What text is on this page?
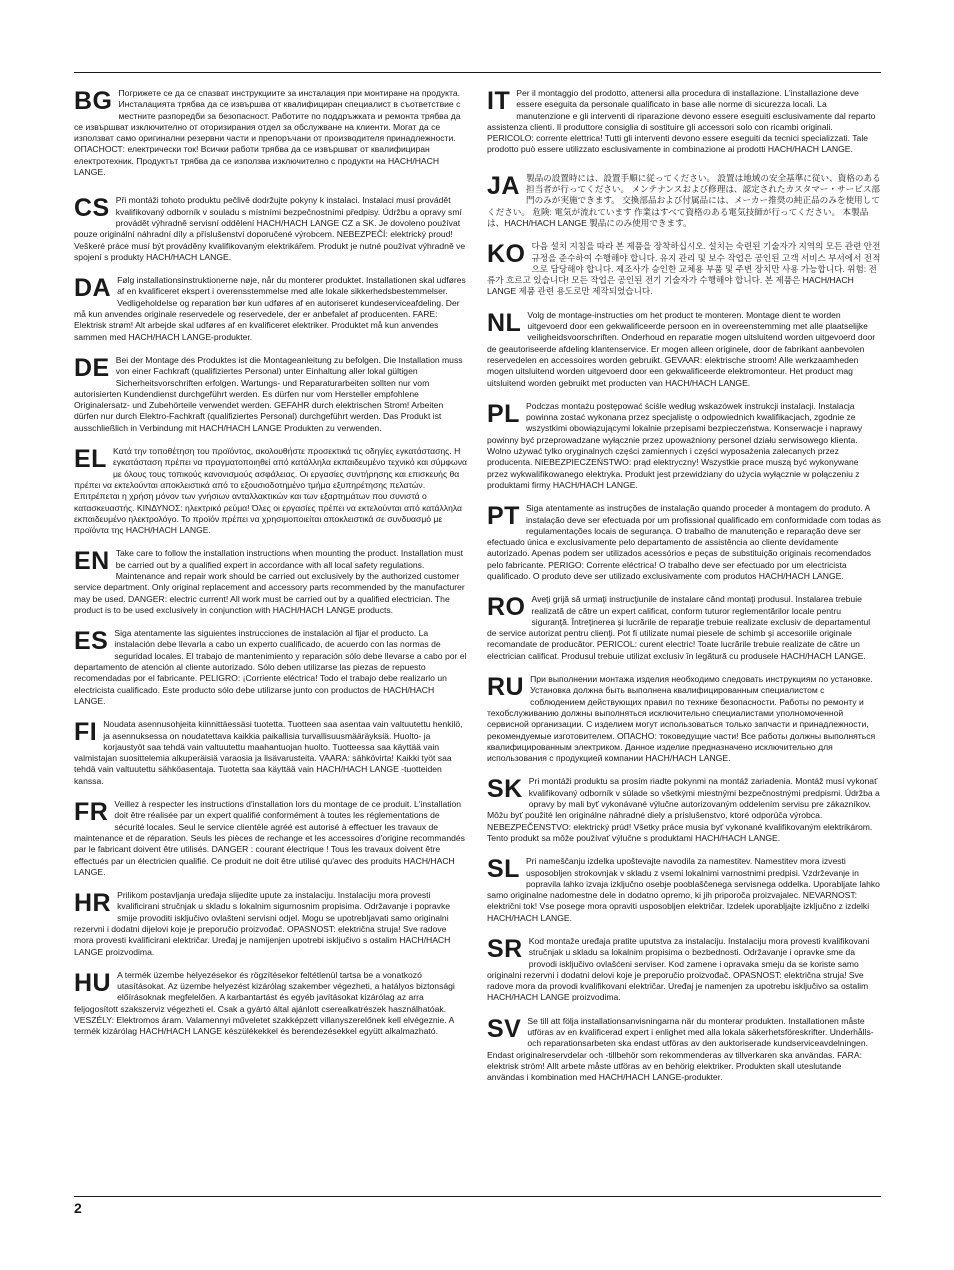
BG Погрижете се да се спазват инструкциите за инсталация при монтиране на продукта. Инсталацията трябва да се извършва от квалифициран специалист в съответствие с местните разпоредби за безопасност. Работите по поддръжката и ремонта трябва да се извършват изключително от оторизирания отдел за обслужване на клиенти. Могат да се използват само оригинални резервни части и препоръчани от производителя принадлежности. ОПАСНОСТ: електрически ток! Всички работи трябва да се извършват от квалифициран електротехник. Продуктът трябва да се използва изключително с продукти на HACH/HACH LANGE.

CS Při montáži tohoto produktu pečlivě dodržujte pokyny k instalaci. Instalaci musí provádět kvalifikovaný odborník v souladu s místními bezpečnostními předpisy. Údržbu a opravy smí provádět výhradně servisní oddělení HACH/HACH LANGE CZ a SK. Je dovoleno používat pouze originální náhradní díly a příslušenství doporučené výrobcem. NEBEZPEČÍ: elektrický proud! Veškeré práce musí být prováděny kvalifikovaným elektrikářem. Produkt je nutné používat výhradně ve spojení s produkty HACH/HACH LANGE.

DA Følg installationsinstruktionerne nøje, når du monterer produktet. Installationen skal udføres af en kvalificeret ekspert i overensstemmelse med alle lokale sikkerhedsbestemmelser. Vedligeholdelse og reparation bør kun udføres af en autoriseret kundeserviceafdeling. Der må kun anvendes originale reservedele og reservedele, der er anbefalet af producenten. FARE: Elektrisk strøm! Alt arbejde skal udføres af en kvalificeret elektriker. Produktet må kun anvendes sammen med HACH/HACH LANGE-produkter.

DE Bei der Montage des Produktes ist die Montageanleitung zu befolgen. Die Installation muss von einer Fachkraft (qualifiziertes Personal) unter Einhaltung aller lokal gültigen Sicherheitsvorschriften erfolgen. Wartungs- und Reparaturarbeiten sollten nur vom autorisierten Kundendienst durchgeführt werden. Es dürfen nur vom Hersteller empfohlene Originalersatz- und Zubehörteile verwendet werden. GEFAHR durch elektrischen Strom! Arbeiten dürfen nur durch Elektro-Fachkraft (qualifiziertes Personal) durchgeführt werden. Das Produkt ist ausschließlich in Verbindung mit HACH/HACH LANGE Produkten zu verwenden.

EL Κατά την τοποθέτηση του προϊόντος, ακολουθήστε προσεκτικά τις οδηγίες εγκατάστασης. Η εγκατάσταση πρέπει να πραγματοποιηθεί από κατάλληλα εκπαιδευμένο τεχνικό και σύμφωνα με όλους τους τοπικούς κανονισμούς ασφάλειας. Οι εργασίες συντήρησης και επισκευής θα πρέπει να εκτελούνται αποκλειστικά από το εξουσιοδοτημένο τμήμα εξυπηρέτησης πελατών. Επιτρέπεται η χρήση μόνον των γνήσιων ανταλλακτικών και των εξαρτημάτων που συνιστά ο κατασκευαστής. ΚΙΝΔΥΝΟΣ: ηλεκτρικό ρεύμα! Όλες οι εργασίες πρέπει να εκτελούνται από κατάλληλα εκπαιδευμένο ηλεκτρολόγο. Το προϊόν πρέπει να χρησιμοποιείται αποκλειστικά σε συνδυασμό με προϊόντα της HACH/HACH LANGE.

EN Take care to follow the installation instructions when mounting the product. Installation must be carried out by a qualified expert in accordance with all local safety regulations. Maintenance and repair work should be carried out exclusively by the authorized customer service department. Only original replacement and accessory parts recommended by the manufacturer may be used. DANGER: electric current! All work must be carried out by a qualified electrician. The product is to be used exclusively in conjunction with HACH/HACH LANGE products.

ES Siga atentamente las siguientes instrucciones de instalación al fijar el producto. La instalación debe llevarla a cabo un experto cualificado, de acuerdo con las normas de seguridad locales. El trabajo de mantenimiento y reparación sólo debe llevarse a cabo por el departamento de atención al cliente autorizado. Sólo deben utilizarse las piezas de repuesto recomendadas por el fabricante. PELIGRO: ¡Corriente eléctrica! Todo el trabajo debe realizarlo un electricista cualificado. Este producto sólo debe utilizarse junto con productos de HACH/HACH LANGE.

FI Noudata asennusohjeita kiinnittäessäsi tuotetta. Tuotteen saa asentaa vain valtuutettu henkilö, ja asennuksessa on noudatettava kaikkia paikallisia turvallisuusmääräyksiä. Huolto- ja korjaustyöt saa tehdä vain valtuutettu maahantuojan huolto. Tuotteessa saa käyttää vain valmistajan suosittelemia alkuperäisiä varaosia ja lisävarusteita. VAARA: sähkövirta! Kaikki työt saa tehdä vain valtuutettu sähköasentaja. Tuotetta saa käyttää vain HACH/HACH LANGE -tuotteiden kanssa.

FR Veillez à respecter les instructions d'installation lors du montage de ce produit. L'installation doit être réalisée par un expert qualifié conformément à toutes les réglementations de sécurité locales. Seul le service clientèle agréé est autorisé à effectuer les travaux de maintenance et de réparation. Seuls les pièces de rechange et les accessoires d'origine recommandés par le fabricant doivent être utilisés. DANGER : courant électrique ! Tous les travaux doivent être effectués par un électricien qualifié. Ce produit ne doit être utilisé qu'avec des produits HACH/HACH LANGE.

HR Prilikom postavljanja uređaja slijedite upute za instalaciju. Instalaciju mora provesti kvalificirani stručnjak u skladu s lokalnim sigurnosnim propisima. Održavanje i popravke smije provoditi isključivo ovlašteni servisni odjel. Mogu se upotrebljavati samo originalni rezervni i dodatni dijelovi koje je preporučio proizvođač. OPASNOST: električna struja! Sve radove mora provesti kvalificirani električar. Uređaj je namijenjen upotrebi isključivo s ostalim HACH/HACH LANGE proizvodima.

HU A termék üzembe helyezésekor és rögzítésekor feltétlenül tartsa be a vonatkozó utasításokat. Az üzembe helyezést kizárólag szakember végezheti, a hatályos biztonsági előírásoknak megfelelően. A karbantartást és egyéb javításokat kizárólag az arra feljogosított szakszerviz végezheti el. Csak a gyártó által ajánlott cserealkatrészek használhatóak. VESZÉLY: Elektromos áram. Valamennyi műveletet szakképzett villanyszerelőnek kell elvégeznie. A termék kizárólag HACH/HACH LANGE készülékekkel és berendezésekkel együtt alkalmazható.

IT Per il montaggio del prodotto, attenersi alla procedura di installazione. L'installazione deve essere eseguita da personale qualificato in base alle norme di sicurezza locali. La manutenzione e gli interventi di riparazione devono essere eseguiti esclusivamente dal reparto assistenza clienti. Il produttore consiglia di sostituire gli accessori solo con ricambi originali. PERICOLO: corrente elettrica! Tutti gli interventi devono essere eseguiti da tecnici specializzati. Tale prodotto può essere utilizzato esclusivamente in combinazione ai prodotti HACH/HACH LANGE.

JA 製品の設置時には、設置手順に従ってください。 設置は地域の安全基準に従い、資格のある担当者が行ってください。 メンテナンスおよび修理は、認定されたカスタマー・サービス部門のみが実施できます。 交換部品および付属品には、メーカー推奨の純正品のみを使用してください。 危険: 電気が流れています 作業はすべて資格のある電気技師が行ってください。 本製品は、HACH/HACH LANGE 製品にのみ使用できます。

KO 다음 설치 지침을 따라 본 제품을 장착하십시오. 설치는 숙련된 기술자가 지역의 모든 관련 안전 규정을 준수하여 수행해야 합니다. 유지 관리 및 보수 작업은 공인된 고객 서비스 부서에서 전적으로 담당해야 합니다. 제조사가 승인한 교체용 부품 및 주변 장치만 사용 가능합니다. 위험: 전류가 흐르고 있습니다! 모든 작업은 공인된 전기 기술자가 수행해야 합니다. 본 제품은 HACH/HACH LANGE 제품 관련 용도로만 제작되었습니다.

NL Volg de montage-instructies om het product te monteren. Montage dient te worden uitgevoerd door een gekwalificeerde persoon en in overeenstemming met alle plaatselijke veiligheidsvoorschriften. Onderhoud en reparatie mogen uitsluitend worden uitgevoerd door de geautoriseerde afdeling klantenservice. Er mogen alleen originele, door de fabrikant aanbevolen reservedelen en accessoires worden gebruikt. GEVAAR: elektrische stroom! Alle werkzaamheden mogen uitsluitend worden uitgevoerd door een gekwalificeerde elektromonteur. Het product mag uitsluitend worden gebruikt met producten van HACH/HACH LANGE.

PL Podczas montażu postępować ściśle według wskazówek instrukcji instalacji. Instalacja powinna zostać wykonana przez specjalistę o odpowiednich kwalifikacjach, zgodnie ze wszystkimi obowiązującymi lokalnie przepisami bezpieczeństwa. Konserwacje i naprawy powinny być przeprowadzane wyłącznie przez upoważniony personel działu serwisowego klienta. Wolno używać tylko oryginalnych części zamiennych i części wyposażenia zalecanych przez producenta. NIEBEZPIECZEŃSTWO: prąd elektryczny! Wszystkie prace muszą być wykonywane przez wykwalifikowanego elektryka. Produkt jest przewidziany do użycia wyłącznie w połączeniu z produktami firmy HACH/HACH LANGE.

PT Siga atentamente as instruções de instalação quando proceder à montagem do produto. A instalação deve ser efectuada por um profissional qualificado em conformidade com todas as regulamentações locais de segurança. O trabalho de manutenção e reparação deve ser efectuado única e exclusivamente pelo departamento de assistência ao cliente devidamente autorizado. Apenas podem ser utilizados acessórios e peças de substituição originais recomendados pelo fabricante. PERIGO: Corrente eléctrica! O trabalho deve ser efectuado por um electricista qualificado. O produto deve ser utilizado exclusivamente com produtos HACH/HACH LANGE.

RO Aveţi grijă să urmaţi instrucţiunile de instalare când montaţi produsul. Instalarea trebuie realizată de către un expert calificat, conform tuturor reglementărilor locale pentru siguranţă. Întreţinerea şi lucrările de reparaţie trebuie realizate exclusiv de departamentul de service autorizat pentru clienţi. Pot fi utilizate numai piesele de schimb şi accesoriile originale recomandate de producător. PERICOL: curent electric! Toate lucrările trebuie realizate de către un electrician calificat. Produsul trebuie utilizat exclusiv în legătură cu produsele HACH/HACH LANGE.

RU При выполнении монтажа изделия необходимо следовать инструкциям по установке. Установка должна быть выполнена квалифицированным специалистом с соблюдением действующих правил по технике безопасности. Работы по ремонту и техобслуживанию должны выполняться исключительно специалистами уполномоченной сервисной организации. С изделием могут использоваться только запчасти и принадлежности, рекомендуемые изготовителем. ОПАСНО: токоведущие части! Все работы должны выполняться квалифицированным электриком. Данное изделие предназначено исключительно для использования с продукцией компании HACH/HACH LANGE.

SK Pri montáži produktu sa prosím riadte pokynmi na montáž zariadenia. Montáž musí vykonať kvalifikovaný odborník v súlade so všetkými miestnými bezpečnostnými predpismi. Údržba a opravy by mali byť vykonávané výlučne autorizovaným oddelením servisu pre zákazníkov. Môžu byť použité len originálne náhradné diely a príslušenstvo, ktoré odporúča výrobca. NEBEZPEČENSTVO: elektrický prúd! Všetky práce musia byť vykonané kvalifikovaným elektrikárom. Tento produkt sa môže používať výlučne s produktami HACH/HACH LANGE.

SL Pri nameščanju izdelka upoštevajte navodila za namestitev. Namestitev mora izvesti usposobljen strokovnjak v skladu z vsemi lokalnimi varnostnimi predpisi. Vzdrževanje in popravila lahko izvaja izključno osebje pooblaščenega servisnega oddelka. Uporabljate lahko samo originalne nadomestne dele in dodatno opremo, ki jih priporoča proizvajalec. NEVARNOST: električni tok! Vse posege mora opraviti usposobljen električar. Izdelek uporabljajte izključno z izdelki HACH/HACH LANGE.

SR Kod montaže uređaja pratite uputstva za instalaciju. Instalaciju mora provesti kvalifikovani stručnjak u skladu sa lokalnim propisima o bezbednosti. Održavanje i opravke sme da provodi isključivo ovlašćeni serviser. Kod zamene i opravaka smeju da se koriste samo originalni rezervni i dodatni delovi koje je preporučio proizvođač. OPASNOST: električna struja! Sve radove mora da provodi kvalifikovani električar. Uređaj je namenjen za upotrebu isključivo sa ostalim HACH/HACH LANGE proizvodima.

SV Se till att följa installationsanvisningarna när du monterar produkten. Installationen måste utföras av en kvalificerad expert i enlighet med alla lokala säkerhetsföreskrifter. Underhålls- och reparationsarbeten ska endast utföras av den auktoriserade kundserviceavdelningen. Endast originalreservdelar och -tillbehör som rekommenderas av tillverkaren ska användas. FARA: elektrisk ström! Allt arbete måste utföras av en behörig elektriker. Produkten skall uteslutande användas i kombination med HACH/HACH LANGE-produkter.

2
